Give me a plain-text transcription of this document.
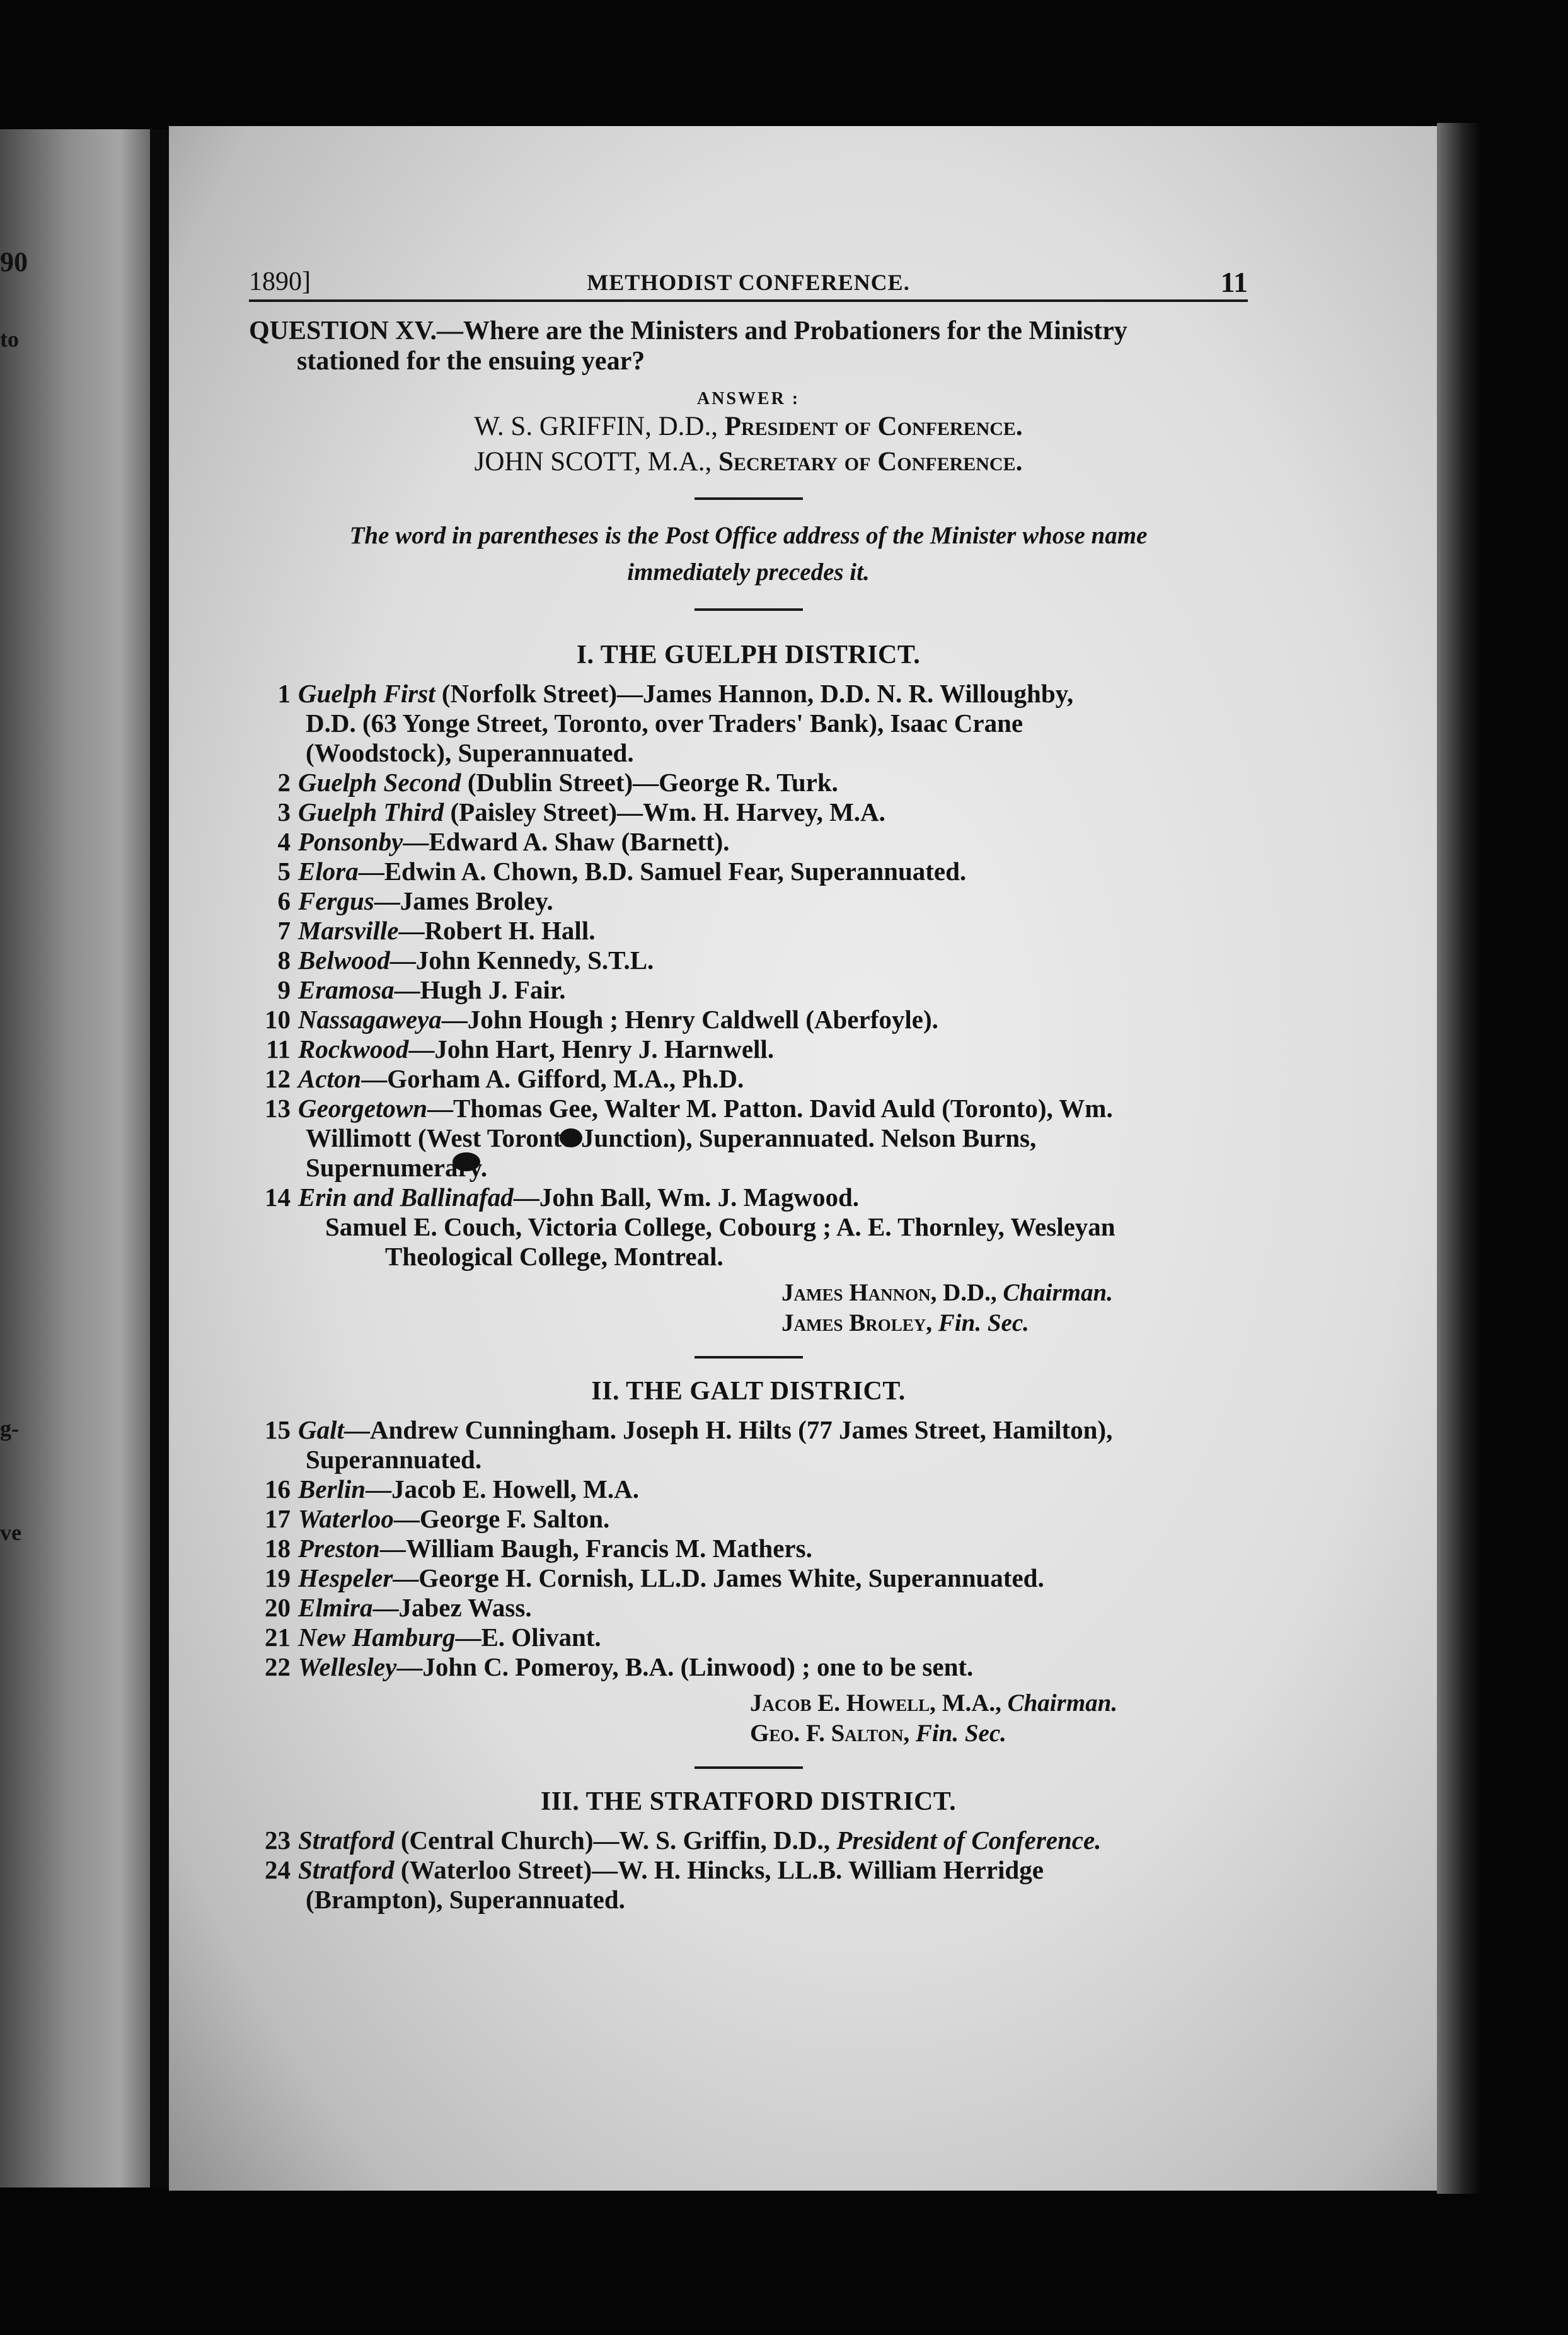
90
to
g-
ve
1890]	METHODIST CONFERENCE.	11
QUESTION XV.—Where are the Ministers and Probationers for the Ministry
stationed for the ensuing year?
ANSWER :
W. S. GRIFFIN, D.D., President of Conference.
JOHN SCOTT, M.A., Secretary of Conference.
The word in parentheses is the Post Office address of the Minister whose name
immediately precedes it.
I. THE GUELPH DISTRICT.
1 Guelph First (Norfolk Street)—James Hannon, D.D. N. R. Willoughby,
D.D. (63 Yonge Street, Toronto, over Traders' Bank), Isaac Crane
(Woodstock), Superannuated.
2 Guelph Second (Dublin Street)—George R. Turk.
3 Guelph Third (Paisley Street)—Wm. H. Harvey, M.A.
4 Ponsonby—Edward A. Shaw (Barnett).
5 Elora—Edwin A. Chown, B.D. Samuel Fear, Superannuated.
6 Fergus—James Broley.
7 Marsville—Robert H. Hall.
8 Belwood—John Kennedy, S.T.L.
9 Eramosa—Hugh J. Fair.
10 Nassagaweya—John Hough ; Henry Caldwell (Aberfoyle).
11 Rockwood—John Hart, Henry J. Harnwell.
12 Acton—Gorham A. Gifford, M.A., Ph.D.
13 Georgetown—Thomas Gee, Walter M. Patton. David Auld (Toronto), Wm.
Willimott (West Toronto Junction), Superannuated. Nelson Burns,
Supernumerary.
14 Erin and Ballinafad—John Ball, Wm. J. Magwood.
Samuel E. Couch, Victoria College, Cobourg ; A. E. Thornley, Wesleyan
Theological College, Montreal.
James Hannon, D.D., Chairman.
James Broley, Fin. Sec.
II. THE GALT DISTRICT.
15 Galt—Andrew Cunningham. Joseph H. Hilts (77 James Street, Hamilton),
Superannuated.
16 Berlin—Jacob E. Howell, M.A.
17 Waterloo—George F. Salton.
18 Preston—William Baugh, Francis M. Mathers.
19 Hespeler—George H. Cornish, LL.D. James White, Superannuated.
20 Elmira—Jabez Wass.
21 New Hamburg—E. Olivant.
22 Wellesley—John C. Pomeroy, B.A. (Linwood) ; one to be sent.
Jacob E. Howell, M.A., Chairman.
Geo. F. Salton, Fin. Sec.
III. THE STRATFORD DISTRICT.
23 Stratford (Central Church)—W. S. Griffin, D.D., President of Conference.
24 Stratford (Waterloo Street)—W. H. Hincks, LL.B. William Herridge
(Brampton), Superannuated.
